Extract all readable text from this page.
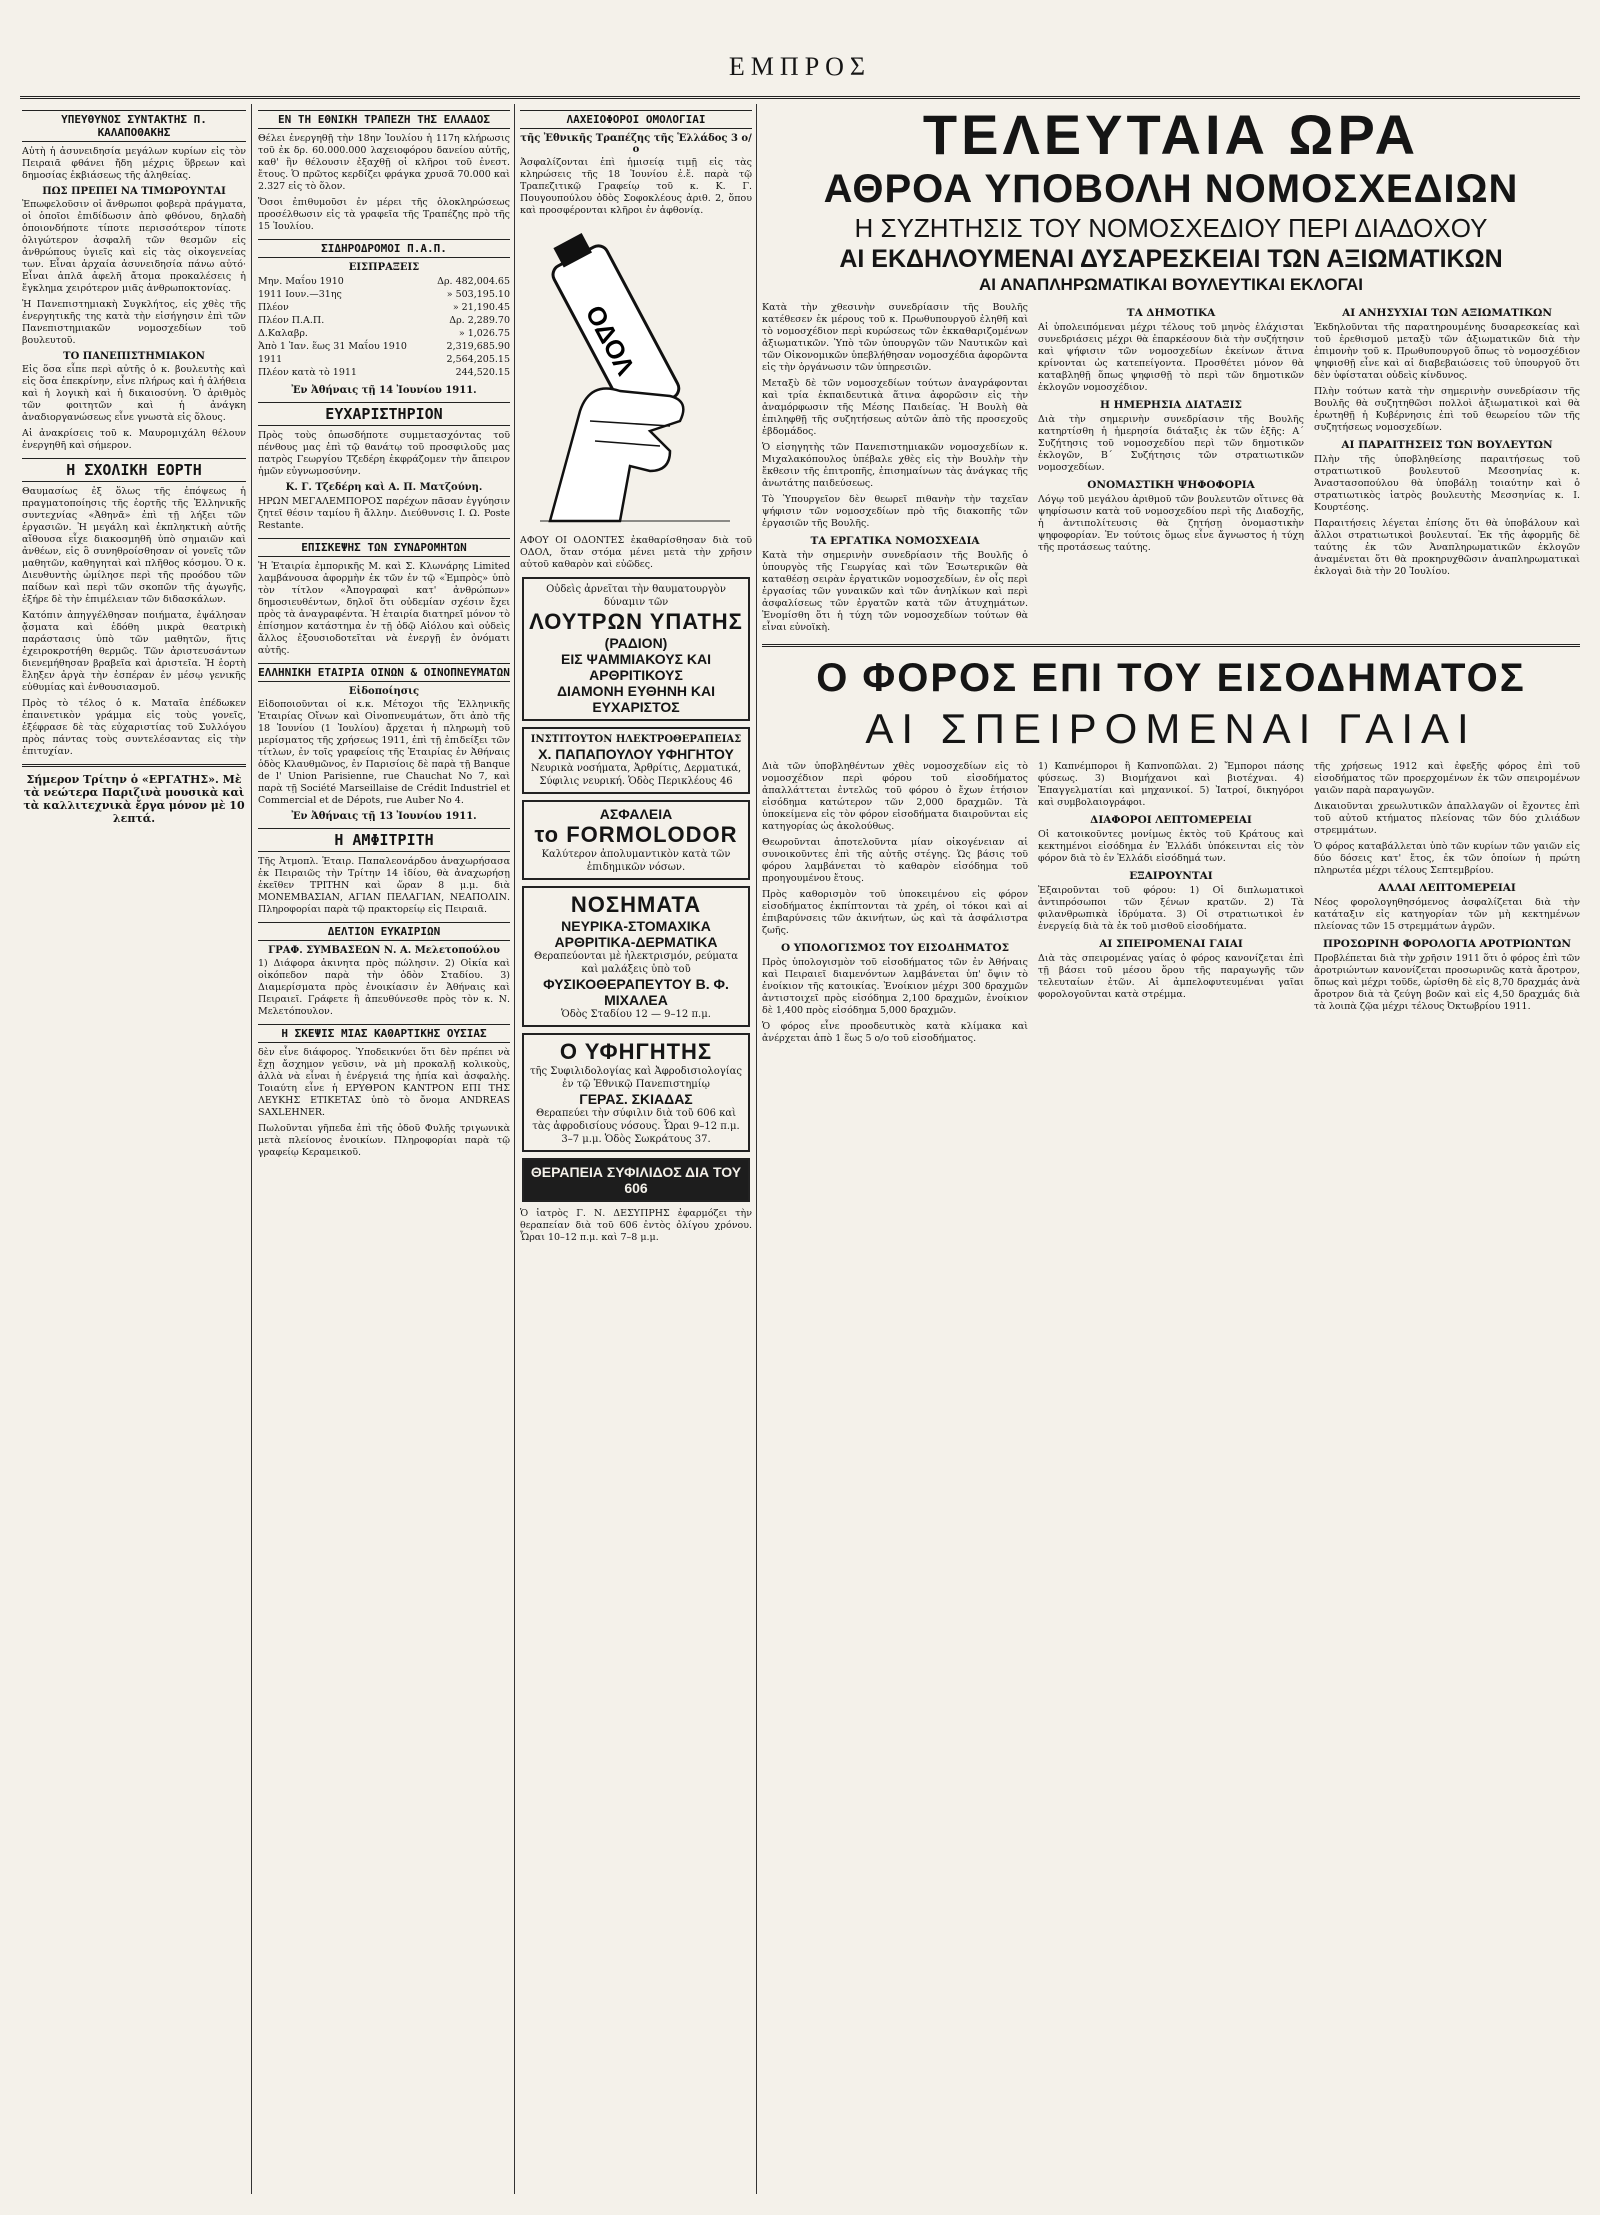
ΕΜΠΡΟΣ
ΥΠΕΥΘΥΝΟΣ ΣΥΝΤΑΚΤΗΣ Π. ΚΑΛΑΠΟΘΑΚΗΣ

Αὐτὴ ἡ ἀσυνειδησία μεγάλων κυρίων εἰς τὸν Πειραιᾶ φθάνει ἤδη μέχρις ὕβρεων καὶ δημοσίας ἐκβιάσεως τῆς ἀληθείας.

ΠΩΣ ΠΡΕΠΕΙ ΝΑ ΤΙΜΩΡΟΥΝΤΑΙ

Ἐπωφελοῦσιν οἱ ἄνθρωποι φοβερὰ πράγματα, οἱ ὁποῖοι ἐπιδίδωσιν ἀπὸ φθόνου, δηλαδὴ ὁποιονδήποτε τίποτε περισσότερον τίποτε ὀλιγώτερον ἀσφαλῆ τῶν θεσμῶν εἰς ἀνθρώπους ὑγιεῖς καὶ εἰς τὰς οἰκογενείας των. Εἶναι ἀρχαία ἀσυνειδησία πάνω αὐτό· Εἶναι ἀπλᾶ ἀφελῆ ἄτομα προκαλέσεις ἡ ἔγκλημα χειρότερον μιᾶς ἀνθρωποκτονίας.

Ἡ Πανεπιστημιακὴ Συγκλήτος, εἰς χθὲς τῆς ἐνεργητικῆς της κατὰ τὴν εἰσήγησιν ἐπὶ τῶν Πανεπιστημιακῶν νομοσχεδίων τοῦ βουλευτοῦ.

ΤΟ ΠΑΝΕΠΙΣΤΗΜΙΑΚΟΝ

Εἰς ὅσα εἶπε περὶ αὐτῆς ὁ κ. βουλευτὴς καὶ εἰς ὅσα ἐπεκρίνην, εἶνε πλήρως καὶ ἡ ἀλήθεια καὶ ἡ λογικὴ καὶ ἡ δικαιοσύνη. Ὁ ἀριθμὸς τῶν φοιτητῶν καὶ ἡ ἀνάγκη ἀναδιοργανώσεως εἶνε γνωστὰ εἰς ὅλους.

Αἱ ἀνακρίσεις τοῦ κ. Μαυρομιχάλη θέλουν ἐνεργηθῆ καὶ σήμερον.

Η ΣΧΟΛΙΚΗ ΕΟΡΤΗ

Θαυμασίως ἐξ ὅλως τῆς ἐπόψεως ἡ πραγματοποίησις τῆς ἑορτῆς τῆς Ἑλληνικῆς συντεχνίας «Ἀθηνᾶ» ἐπὶ τῇ λήξει τῶν ἐργασιῶν. Ἡ μεγάλη καὶ ἐκπληκτικὴ αὐτῆς αἴθουσα εἶχε διακοσμηθῆ ὑπὸ σημαιῶν καὶ ἀνθέων, εἰς ὃ συνηθροίσθησαν οἱ γονεῖς τῶν μαθητῶν, καθηγηταὶ καὶ πλῆθος κόσμου. Ὁ κ. Διευθυντὴς ὡμίλησε περὶ τῆς προόδου τῶν παίδων καὶ περὶ τῶν σκοπῶν τῆς ἀγωγῆς, ἐξήρε δὲ τὴν ἐπιμέλειαν τῶν διδασκάλων.

Κατόπιν ἀπηγγέλθησαν ποιήματα, ἐψάλησαν ᾄσματα καὶ ἐδόθη μικρὰ θεατρικὴ παράστασις ὑπὸ τῶν μαθητῶν, ἥτις ἐχειροκροτήθη θερμῶς. Τῶν ἀριστευσάντων διενεμήθησαν βραβεῖα καὶ ἀριστεῖα. Ἡ ἑορτὴ ἔληξεν ἀργὰ τὴν ἑσπέραν ἐν μέσῳ γενικῆς εὐθυμίας καὶ ἐνθουσιασμοῦ.

Πρὸς τὸ τέλος ὁ κ. Ματαῖα ἐπέδωκεν ἐπαινετικὸν γράμμα εἰς τοὺς γονεῖς, ἐξέφρασε δὲ τὰς εὐχαριστίας τοῦ Συλλόγου πρὸς πάντας τοὺς συντελέσαντας εἰς τὴν ἐπιτυχίαν.

Σήμερον Τρίτην ὁ «ΕΡΓΑΤΗΣ». Μὲ τὰ νεώτερα Παριζινὰ μουσικὰ καὶ τὰ καλλιτεχνικὰ ἔργα μόνον μὲ 10 λεπτά.
ΕΝ ΤΗ ΕΘΝΙΚΗ ΤΡΑΠΕΖΗ ΤΗΣ ΕΛΛΑΔΟΣ

Θέλει ἐνεργηθῇ τὴν 18ην Ἰουλίου ἡ 117η κλήρωσις τοῦ ἐκ δρ. 60.000.000 λαχειοφόρου δανείου αὐτῆς, καθ' ἣν θέλουσιν ἐξαχθῇ οἱ κλῆροι τοῦ ἐνεστ. ἔτους. Ὁ πρῶτος κερδίζει φράγκα χρυσᾶ 70.000 καὶ 2.327 εἰς τὸ ὅλον.

Ὅσοι ἐπιθυμοῦσι ἐν μέρει τῆς ὁλοκληρώσεως προσέλθωσιν εἰς τὰ γραφεῖα τῆς Τραπέζης πρὸ τῆς 15 Ἰουλίου.

ΣΙΔΗΡΟΔΡΟΜΟΙ Π.Α.Π.
ΕΙΣΠΡΑΞΕΙΣ
Μην. Μαΐου 1910	Δρ. 482,004.65
1911 Ιουν.—31ης	» 503,195.10
Πλέον	» 21,190.45
Πλέον Π.Α.Π.	Δρ. 2,289.70
Δ.Καλαβρ.	» 1,026.75
Ἀπὸ 1 Ἰαν. ἕως 31 Μαΐου 1910	2,319,685.90
1911	2,564,205.15
Πλέον κατὰ τὸ 1911	244,520.15
Ἐν Ἀθήναις τῇ 14 Ἰουνίου 1911.
ΕΥΧΑΡΙΣΤΗΡΙΟΝ

Πρὸς τοὺς ὁπωσδήποτε συμμετασχόντας τοῦ πένθους μας ἐπὶ τῷ θανάτῳ τοῦ προσφιλοῦς μας πατρὸς Γεωργίου Τζεδέρη ἐκφράζομεν τὴν ἄπειρον ἡμῶν εὐγνωμοσύνην.

Κ. Γ. Τζεδέρη καὶ Α. Π. Ματζούνη.

ΗΡΩΝ ΜΕΓΑΛΕΜΠΟΡΟΣ παρέχων πᾶσαν ἐγγύησιν ζητεῖ θέσιν ταμίου ἢ ἄλλην. Διεύθυνσις Ι. Ω. Poste Restante.

ΕΠΙΣΚΕΨΗΣ ΤΩΝ ΣΥΝΔΡΟΜΗΤΩΝ

Ἡ Ἑταιρία ἐμπορικῆς Μ. καὶ Σ. Κλωνάρης Limited λαμβάνουσα ἀφορμὴν ἐκ τῶν ἐν τῷ «Ἐμπρὸς» ὑπὸ τὸν τίτλον «Ἀπογραφαὶ κατ' ἀνθρώπων» δημοσιευθέντων, δηλοῖ ὅτι οὐδεμίαν σχέσιν ἔχει πρὸς τὰ ἀναγραφέντα. Ἡ ἑταιρία διατηρεῖ μόνον τὸ ἐπίσημον κατάστημα ἐν τῇ ὁδῷ Αἰόλου καὶ οὐδεὶς ἄλλος ἐξουσιοδοτεῖται νὰ ἐνεργῇ ἐν ὀνόματι αὐτῆς.

ΕΛΛΗΝΙΚΗ ΕΤΑΙΡΙΑ ΟΙΝΩΝ & ΟΙΝΟΠΝΕΥΜΑΤΩΝ
Εἰδοποίησις

Εἰδοποιοῦνται οἱ κ.κ. Μέτοχοι τῆς Ἑλληνικῆς Ἑταιρίας Οἴνων καὶ Οἰνοπνευμάτων, ὅτι ἀπὸ τῆς 18 Ἰουνίου (1 Ἰουλίου) ἄρχεται ἡ πληρωμὴ τοῦ μερίσματος τῆς χρήσεως 1911, ἐπὶ τῇ ἐπιδείξει τῶν τίτλων, ἐν τοῖς γραφείοις τῆς Ἑταιρίας ἐν Ἀθήναις ὁδὸς Κλαυθμῶνος, ἐν Παρισίοις δὲ παρὰ τῇ Banque de l' Union Parisienne, rue Chauchat No 7, καὶ παρὰ τῇ Société Marseillaise de Crédit Industriel et Commercial et de Dépots, rue Auber No 4.

Ἐν Ἀθήναις τῇ 13 Ἰουνίου 1911.
Η ΑΜΦΙΤΡΙΤΗ

Τῆς Ἀτμοπλ. Ἑταιρ. Παπαλεονάρδου ἀναχωρήσασα ἐκ Πειραιῶς τὴν Τρίτην 14 ἰδίου, θὰ ἀναχωρήσῃ ἐκεῖθεν ΤΡΙΤΗΝ καὶ ὥραν 8 μ.μ. διὰ ΜΟΝΕΜΒΑΣΙΑΝ, ΑΓΙΑΝ ΠΕΛΑΓΙΑΝ, ΝΕΑΠΟΛΙΝ. Πληροφορίαι παρὰ τῷ πρακτορείῳ εἰς Πειραιᾶ.

ΔΕΛΤΙΟΝ ΕΥΚΑΙΡΙΩΝ
ΓΡΑΦ. ΣΥΜΒΑΣΕΩΝ Ν. Α. Μελετοπούλου

1) Διάφορα ἀκινητα πρὸς πώλησιν. 2) Οἰκία καὶ οἰκόπεδον παρὰ τὴν ὁδὸν Σταδίου. 3) Διαμερίσματα πρὸς ἐνοικίασιν ἐν Ἀθήναις καὶ Πειραιεῖ. Γράφετε ἢ ἀπευθύνεσθε πρὸς τὸν κ. Ν. Μελετόπουλον.

Η ΣΚΕΨΙΣ ΜΙΑΣ ΚΑΘΑΡΤΙΚΗΣ ΟΥΣΙΑΣ

δὲν εἶνε διάφορος. Ὑποδεικνύει ὅτι δὲν πρέπει νὰ ἔχῃ ἄσχημον γεῦσιν, νὰ μὴ προκαλῇ κολικοὺς, ἀλλὰ νὰ εἶναι ἡ ἐνέργειά της ἡπία καὶ ἀσφαλὴς. Τοιαύτη εἶνε ἡ ΕΡΥΘΡΟΝ ΚΑΝΤΡΟΝ ΕΠΙ ΤΗΣ ΛΕΥΚΗΣ ΕΤΙΚΕΤΑΣ ὑπὸ τὸ ὄνομα ANDREAS SAXLEHNER.

Πωλοῦνται γῆπεδα ἐπὶ τῆς ὁδοῦ Φυλῆς τριγωνικὰ μετὰ πλείονος ἐνοικίων. Πληροφορίαι παρὰ τῷ γραφείῳ Κεραμεικοῦ.

ΛΑΧΕΙΟΦΟΡΟΙ ΟΜΟΛΟΓΙΑΙ
τῆς Ἐθνικῆς Τραπέζης τῆς Ἑλλάδος 3 ο/ο

Ἀσφαλίζονται ἐπὶ ἡμισείᾳ τιμῇ εἰς τὰς κληρώσεις τῆς 18 Ἰουνίου ἐ.ἔ. παρὰ τῷ Τραπεζιτικῷ Γραφείῳ τοῦ κ. Κ. Γ. Πουγουπούλου ὁδὸς Σοφοκλέους ἀριθ. 2, ὅπου καὶ προσφέρονται κλῆροι ἐν ἀφθονίᾳ.

ΟΔΟΛ

ΑΦΟΥ ΟΙ ΟΔΟΝΤΕΣ ἐκαθαρίσθησαν διὰ τοῦ ΟΔΟΛ, ὅταν στόμα μένει μετὰ τὴν χρῆσιν αὐτοῦ καθαρὸν καὶ εὐῶδες.

Οὐδεὶς ἀρνεῖται τὴν θαυματουργὸν δύναμιν τῶν
ΛΟΥΤΡΩΝ ΥΠΑΤΗΣ
(ΡΑΔΙΟΝ)
ΕΙΣ ΨΑΜΜΙΑΚΟΥΣ ΚΑΙ ΑΡΘΡΙΤΙΚΟΥΣ
ΔΙΑΜΟΝΗ ΕΥΘΗΝΗ ΚΑΙ ΕΥΧΑΡΙΣΤΟΣ
ΙΝΣΤΙΤΟΥΤΟΝ ΗΛΕΚΤΡΟΘΕΡΑΠΕΙΑΣ
Χ. ΠΑΠΑΠΟΥΛΟΥ ΥΦΗΓΗΤΟΥ
Νευρικὰ νοσήματα, Ἀρθρίτις, Δερματικά, Σύφιλις νευρική. Ὁδὸς Περικλέους 46
ΑΣΦΑΛΕΙΑ
το FORMOLODOR
Καλύτερον ἀπολυμαντικὸν κατὰ τῶν ἐπιδημικῶν νόσων.
ΝΟΣΗΜΑΤΑ
ΝΕΥΡΙΚΑ-ΣΤΟΜΑΧΙΚΑ ΑΡΘΡΙΤΙΚΑ-ΔΕΡΜΑΤΙΚΑ
Θεραπεύονται μὲ ἠλεκτρισμόν, ρεύματα καὶ μαλάξεις ὑπὸ τοῦ
ΦΥΣΙΚΟΘΕΡΑΠΕΥΤΟΥ Β. Φ. ΜΙΧΑΛΕΑ
Ὁδὸς Σταδίου 12 — 9–12 π.μ.
Ο ΥΦΗΓΗΤΗΣ
τῆς Συφιλιδολογίας καὶ Ἀφροδισιολογίας ἐν τῷ Ἐθνικῷ Πανεπιστημίῳ
ΓΕΡΑΣ. ΣΚΙΑΔΑΣ
Θεραπεύει τὴν σύφιλιν διὰ τοῦ 606 καὶ τὰς ἀφροδισίους νόσους. Ὧραι 9–12 π.μ. 3–7 μ.μ. Ὁδὸς Σωκράτους 37.
ΘΕΡΑΠΕΙΑ ΣΥΦΙΛΙΔΟΣ ΔΙΑ ΤΟΥ 606

Ὁ ἰατρὸς Γ. Ν. ΔΕΣΥΠΡΗΣ ἐφαρμόζει τὴν θεραπείαν διὰ τοῦ 606 ἐντὸς ὀλίγου χρόνου. Ὧραι 10–12 π.μ. καὶ 7–8 μ.μ.

ΤΕΛΕΥΤΑΙΑ ΩΡΑ
ΑΘΡΟΑ ΥΠΟΒΟΛΗ ΝΟΜΟΣΧΕΔΙΩΝ
Η ΣΥΖΗΤΗΣΙΣ ΤΟΥ ΝΟΜΟΣΧΕΔΙΟΥ ΠΕΡΙ ΔΙΑΔΟΧΟΥ
ΑΙ ΕΚΔΗΛΟΥΜΕΝΑΙ ΔΥΣΑΡΕΣΚΕΙΑΙ ΤΩΝ ΑΞΙΩΜΑΤΙΚΩΝ
ΑΙ ΑΝΑΠΛΗΡΩΜΑΤΙΚΑΙ ΒΟΥΛΕΥΤΙΚΑΙ ΕΚΛΟΓΑΙ

Κατὰ τὴν χθεσινὴν συνεδρίασιν τῆς Βουλῆς κατέθεσεν ἐκ μέρους τοῦ κ. Πρωθυπουργοῦ ἐληθῆ καὶ τὸ νομοσχέδιον περὶ κυρώσεως τῶν ἐκκαθαριζομένων ἀξιωματικῶν. Ὑπὸ τῶν ὑπουργῶν τῶν Ναυτικῶν καὶ τῶν Οἰκονομικῶν ὑπεβλήθησαν νομοσχέδια ἀφορῶντα εἰς τὴν ὀργάνωσιν τῶν ὑπηρεσιῶν.

Μεταξὺ δὲ τῶν νομοσχεδίων τούτων ἀναγράφονται καὶ τρία ἐκπαιδευτικὰ ἅτινα ἀφορῶσιν εἰς τὴν ἀναμόρφωσιν τῆς Μέσης Παιδείας. Ἡ Βουλὴ θὰ ἐπιληφθῇ τῆς συζητήσεως αὐτῶν ἀπὸ τῆς προσεχοῦς ἑβδομάδος.

Ὁ εἰσηγητὴς τῶν Πανεπιστημιακῶν νομοσχεδίων κ. Μιχαλακόπουλος ὑπέβαλε χθὲς εἰς τὴν Βουλὴν τὴν ἔκθεσιν τῆς ἐπιτροπῆς, ἐπισημαίνων τὰς ἀνάγκας τῆς ἀνωτάτης παιδεύσεως.

Τὸ Ὑπουργεῖον δὲν θεωρεῖ πιθανὴν τὴν ταχεῖαν ψήφισιν τῶν νομοσχεδίων πρὸ τῆς διακοπῆς τῶν ἐργασιῶν τῆς Βουλῆς.

ΤΑ ΕΡΓΑΤΙΚΑ ΝΟΜΟΣΧΕΔΙΑ

Κατὰ τὴν σημερινὴν συνεδρίασιν τῆς Βουλῆς ὁ ὑπουργὸς τῆς Γεωργίας καὶ τῶν Ἐσωτερικῶν θὰ καταθέσῃ σειρὰν ἐργατικῶν νομοσχεδίων, ἐν οἷς περὶ ἐργασίας τῶν γυναικῶν καὶ τῶν ἀνηλίκων καὶ περὶ ἀσφαλίσεως τῶν ἐργατῶν κατὰ τῶν ἀτυχημάτων. Ἐνομίσθη ὅτι ἡ τύχη τῶν νομοσχεδίων τούτων θὰ εἶναι εὐνοϊκὴ.

ΤΑ ΔΗΜΟΤΙΚΑ

Αἱ ὑπολειπόμεναι μέχρι τέλους τοῦ μηνὸς ἐλάχισται συνεδριάσεις μέχρι θὰ ἐπαρκέσουν διὰ τὴν συζήτησιν καὶ ψήφισιν τῶν νομοσχεδίων ἐκείνων ἅτινα κρίνονται ὡς κατεπείγοντα. Προσθέτει μόνον θὰ καταβληθῇ ὅπως ψηφισθῇ τὸ περὶ τῶν δημοτικῶν ἐκλογῶν νομοσχέδιον.

Η ΗΜΕΡΗΣΙΑ ΔΙΑΤΑΞΙΣ

Διὰ τὴν σημερινὴν συνεδρίασιν τῆς Βουλῆς κατηρτίσθη ἡ ἡμερησία διάταξις ἐκ τῶν ἑξῆς: Α΄ Συζήτησις τοῦ νομοσχεδίου περὶ τῶν δημοτικῶν ἐκλογῶν, Β΄ Συζήτησις τῶν στρατιωτικῶν νομοσχεδίων.

ΟΝΟΜΑΣΤΙΚΗ ΨΗΦΟΦΟΡΙΑ

Λόγῳ τοῦ μεγάλου ἀριθμοῦ τῶν βουλευτῶν οἵτινες θὰ ψηφίσωσιν κατὰ τοῦ νομοσχεδίου περὶ τῆς Διαδοχῆς, ἡ ἀντιπολίτευσις θὰ ζητήσῃ ὀνομαστικὴν ψηφοφορίαν. Ἐν τούτοις ὅμως εἶνε ἄγνωστος ἡ τύχη τῆς προτάσεως ταύτης.

ΑΙ ΑΝΗΣΥΧΙΑΙ ΤΩΝ ΑΞΙΩΜΑΤΙΚΩΝ

Ἐκδηλοῦνται τῆς παρατηρουμένης δυσαρεσκείας καὶ τοῦ ἐρεθισμοῦ μεταξὺ τῶν ἀξιωματικῶν διὰ τὴν ἐπιμονὴν τοῦ κ. Πρωθυπουργοῦ ὅπως τὸ νομοσχέδιον ψηφισθῇ εἶνε καὶ αἱ διαβεβαιώσεις τοῦ ὑπουργοῦ ὅτι δὲν ὑφίσταται οὐδεὶς κίνδυνος.

Πλὴν τούτων κατὰ τὴν σημερινὴν συνεδρίασιν τῆς Βουλῆς θὰ συζητηθῶσι πολλοὶ ἀξιωματικοὶ καὶ θὰ ἐρωτηθῇ ἡ Κυβέρνησις ἐπὶ τοῦ θεωρείου τῶν τῆς συζητήσεως νομοσχεδίων.

ΑΙ ΠΑΡΑΙΤΗΣΕΙΣ ΤΩΝ ΒΟΥΛΕΥΤΩΝ

Πλὴν τῆς ὑποβληθείσης παραιτήσεως τοῦ στρατιωτικοῦ βουλευτοῦ Μεσσηνίας κ. Ἀναστασοπούλου θὰ ὑποβάλῃ τοιαύτην καὶ ὁ στρατιωτικὸς ἰατρὸς βουλευτὴς Μεσσηνίας κ. Ι. Κουρτέσης.

Παραιτήσεις λέγεται ἐπίσης ὅτι θὰ ὑποβάλουν καὶ ἄλλοι στρατιωτικοὶ βουλευταί. Ἐκ τῆς ἀφορμῆς δὲ ταύτης ἐκ τῶν Ἀναπληρωματικῶν ἐκλογῶν ἀναμένεται ὅτι θὰ προκηρυχθῶσιν ἀναπληρωματικαὶ ἐκλογαὶ διὰ τὴν 20 Ἰουλίου.

Ο ΦΟΡΟΣ ΕΠΙ ΤΟΥ ΕΙΣΟΔΗΜΑΤΟΣ
ΑΙ ΣΠΕΙΡΟΜΕΝΑΙ ΓΑΙΑΙ

Διὰ τῶν ὑποβληθέντων χθὲς νομοσχεδίων εἰς τὸ νομοσχέδιον περὶ φόρου τοῦ εἰσοδήματος ἀπαλλάττεται ἐντελῶς τοῦ φόρου ὁ ἔχων ἐτήσιον εἰσόδημα κατώτερον τῶν 2,000 δραχμῶν. Τὰ ὑποκείμενα εἰς τὸν φόρον εἰσοδήματα διαιροῦνται εἰς κατηγορίας ὡς ἀκολούθως.

Θεωροῦνται ἀποτελοῦντα μίαν οἰκογένειαν αἱ συνοικοῦντες ἐπὶ τῆς αὐτῆς στέγης. Ὡς βάσις τοῦ φόρου λαμβάνεται τὸ καθαρὸν εἰσόδημα τοῦ προηγουμένου ἔτους.

Πρὸς καθορισμὸν τοῦ ὑποκειμένου εἰς φόρον εἰσοδήματος ἐκπίπτονται τὰ χρέη, οἱ τόκοι καὶ αἱ ἐπιβαρύνσεις τῶν ἀκινήτων, ὡς καὶ τὰ ἀσφάλιστρα ζωῆς.

Ο ΥΠΟΛΟΓΙΣΜΟΣ ΤΟΥ ΕΙΣΟΔΗΜΑΤΟΣ

Πρὸς ὑπολογισμὸν τοῦ εἰσοδήματος τῶν ἐν Ἀθήναις καὶ Πειραιεῖ διαμενόντων λαμβάνεται ὑπ' ὄψιν τὸ ἐνοίκιον τῆς κατοικίας. Ἐνοίκιον μέχρι 300 δραχμῶν ἀντιστοιχεῖ πρὸς εἰσόδημα 2,100 δραχμῶν, ἐνοίκιον δὲ 1,400 πρὸς εἰσόδημα 5,000 δραχμῶν.

Ὁ φόρος εἶνε προοδευτικὸς κατὰ κλίμακα καὶ ἀνέρχεται ἀπὸ 1 ἕως 5 ο/ο τοῦ εἰσοδήματος.

1) Καπνέμποροι ἢ Καπνοπῶλαι. 2) Ἔμποροι πάσης φύσεως. 3) Βιομήχανοι καὶ βιοτέχναι. 4) Ἐπαγγελματίαι καὶ μηχανικοί. 5) Ἰατροί, δικηγόροι καὶ συμβολαιογράφοι.

ΔΙΑΦΟΡΟΙ ΛΕΠΤΟΜΕΡΕΙΑΙ

Οἱ κατοικοῦντες μονίμως ἐκτὸς τοῦ Κράτους καὶ κεκτημένοι εἰσόδημα ἐν Ἑλλάδι ὑπόκεινται εἰς τὸν φόρον διὰ τὸ ἐν Ἑλλάδι εἰσόδημά των.

ΕΞΑΙΡΟΥΝΤΑΙ

Ἐξαιροῦνται τοῦ φόρου: 1) Οἱ διπλωματικοὶ ἀντιπρόσωποι τῶν ξένων κρατῶν. 2) Τὰ φιλανθρωπικὰ ἱδρύματα. 3) Οἱ στρατιωτικοὶ ἐν ἐνεργείᾳ διὰ τὰ ἐκ τοῦ μισθοῦ εἰσοδήματα.

ΑΙ ΣΠΕΙΡΟΜΕΝΑΙ ΓΑΙΑΙ

Διὰ τὰς σπειρομένας γαίας ὁ φόρος κανονίζεται ἐπὶ τῇ βάσει τοῦ μέσου ὅρου τῆς παραγωγῆς τῶν τελευταίων ἐτῶν. Αἱ ἀμπελοφυτευμέναι γαῖαι φορολογοῦνται κατὰ στρέμμα.

τῆς χρήσεως 1912 καὶ ἐφεξῆς φόρος ἐπὶ τοῦ εἰσοδήματος τῶν προερχομένων ἐκ τῶν σπειρομένων γαιῶν παρὰ παραγωγῶν.

Δικαιοῦνται χρεωλυτικῶν ἀπαλλαγῶν οἱ ἔχοντες ἐπὶ τοῦ αὐτοῦ κτήματος πλείονας τῶν δύο χιλιάδων στρεμμάτων.

Ὁ φόρος καταβάλλεται ὑπὸ τῶν κυρίων τῶν γαιῶν εἰς δύο δόσεις κατ' ἔτος, ἐκ τῶν ὁποίων ἡ πρώτη πληρωτέα μέχρι τέλους Σεπτεμβρίου.

ΑΛΛΑΙ ΛΕΠΤΟΜΕΡΕΙΑΙ

Νέος φορολογηθησόμενος ἀσφαλίζεται διὰ τὴν κατάταξιν εἰς κατηγορίαν τῶν μὴ κεκτημένων πλείονας τῶν 15 στρεμμάτων ἀγρῶν.

ΠΡΟΣΩΡΙΝΗ ΦΟΡΟΛΟΓΙΑ ΑΡΟΤΡΙΩΝΤΩΝ

Προβλέπεται διὰ τὴν χρῆσιν 1911 ὅτι ὁ φόρος ἐπὶ τῶν ἀροτριώντων κανονίζεται προσωρινῶς κατὰ ἄροτρον, ὅπως καὶ μέχρι τοῦδε, ὡρίσθη δὲ εἰς 8,70 δραχμάς ἀνὰ ἄροτρον διὰ τὰ ζεύγη βοῶν καὶ εἰς 4,50 δραχμάς διὰ τὰ λοιπὰ ζῷα μέχρι τέλους Ὀκτωβρίου 1911.
